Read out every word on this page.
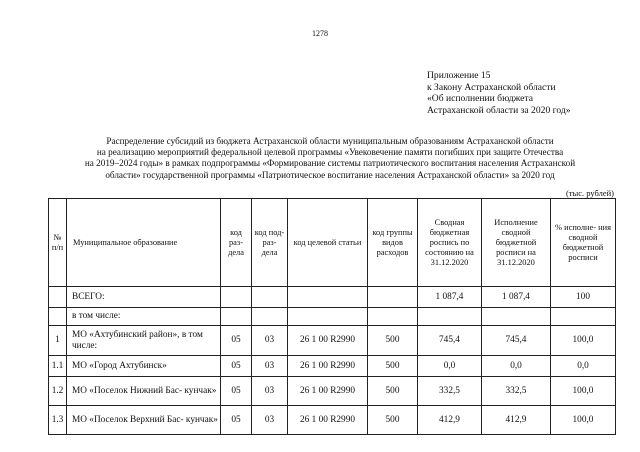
1278
Приложение 15
к Закону Астраханской области
«Об исполнении бюджета
Астраханской области за 2020 год»
Распределение субсидий из бюджета Астраханской области муниципальным образованиям Астраханской области
на реализацию мероприятий федеральной целевой программы «Увековечение памяти погибших при защите Отечества
на 2019–2024 годы» в рамках подпрограммы «Формирование системы патриотического воспитания населения Астраханской
области» государственной программы «Патриотическое воспитание населения Астраханской области» за 2020 год
(тыс. рублей)
№ п/п	Муниципальное образование	код раз- дела	код под- раз- дела	код целевой статьи	код группы видов расходов	Сводная бюджетная роспись по состоянию на 31.12.2020	Исполнение сводной бюджетной росписи на 31.12.2020	% исполне- ния сводной бюджетной росписи
	ВСЕГО:					1 087,4	1 087,4	100
	в том числе:							
1	МО «Ахтубинский район», в том числе:	05	03	26 1 00 R2990	500	745,4	745,4	100,0
1.1	МО «Город Ахтубинск»	05	03	26 1 00 R2990	500	0,0	0,0	0,0
1.2	МО «Поселок Нижний Бас- кунчак»	05	03	26 1 00 R2990	500	332,5	332,5	100,0
1.3	МО «Поселок Верхний Бас- кунчак»	05	03	26 1 00 R2990	500	412,9	412,9	100,0
